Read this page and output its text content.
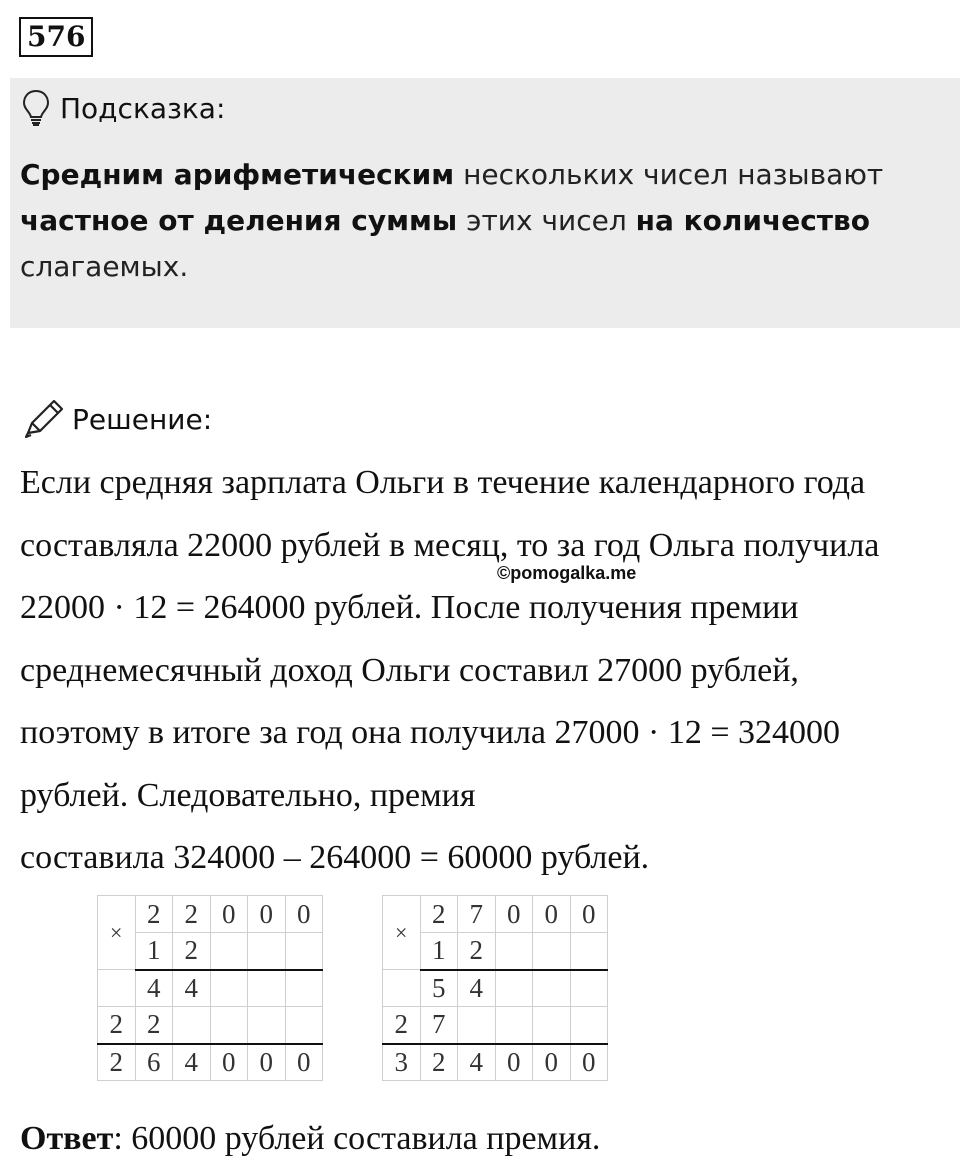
576
Подсказка:
Средним арифметическим нескольких чисел называют
частное от деления суммы этих чисел на количество
слагаемых.
Решение:
Если средняя зарплата Ольги в течение календарного года
составляла 22000 рублей в месяц, то за год Ольга получила
22000 · 12 = 264000 рублей. После получения премии
среднемесячный доход Ольги составил 27000 рублей,
поэтому в итоге за год она получила 27000 · 12 = 324000
рублей. Следовательно, премия
составила 324000 – 264000 = 60000 рублей.
©pomogalka.me
×	2	2	0	0	0
	1	2			
	4	4			
2	2				
2	6	4	0	0	0
×	2	7	0	0	0
	1	2			
	5	4			
2	7				
3	2	4	0	0	0
Ответ: 60000 рублей составила премия.
